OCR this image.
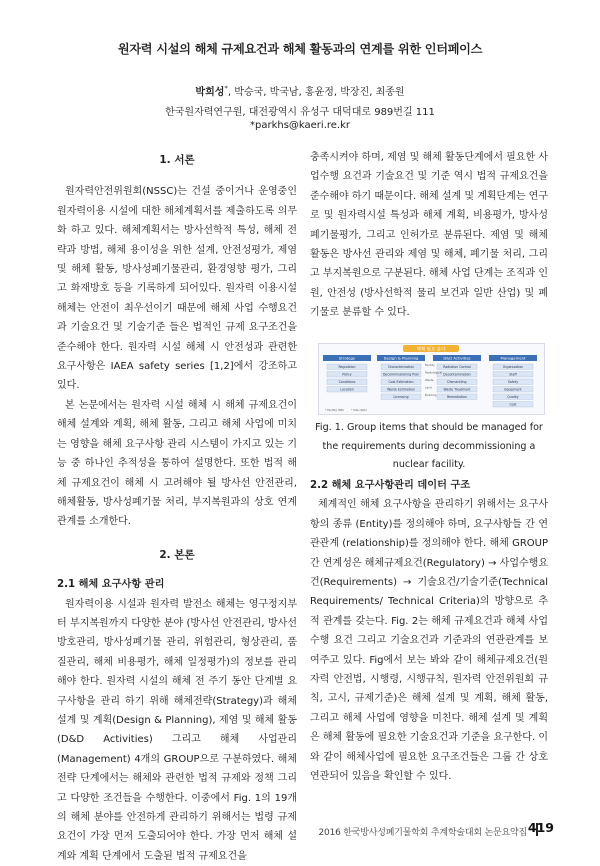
원자력 시설의 해체 규제요건과 해체 활동과의 연계를 위한 인터페이스
박희성*, 박승국, 박국남, 홍윤정, 박장진, 최종원
한국원자력연구원, 대전광역시 유성구 대덕대로 989번길 111
*parkhs@kaeri.re.kr
1. 서론

원자력안전위원회(NSSC)는 건설 중이거나 운영중인 원자력이용 시설에 대한 해체계획서를 제출하도록 의무화 하고 있다. 해체계획서는 방사선학적 특성, 해체 전략과 방법, 해체 용이성을 위한 설계, 안전성평가, 제염 및 해체 활동, 방사성폐기물관리, 환경영향 평가, 그리고 화재방호 등을 기록하게 되어있다. 원자력 이용시설 해체는 안전이 최우선이기 때문에 해체 사업 수행요건과 기술요건 및 기술기준 들은 법적인 규제 요구조건을 준수해야 한다. 원자력 시설 해체 시 안전성과 관련한 요구사항은 IAEA safety series [1,2]에서 강조하고 있다.

본 논문에서는 원자력 시설 해체 시 해체 규제요건이 해체 설계와 계획, 해체 활동, 그리고 해체 사업에 미치는 영향을 해체 요구사항 관리 시스템이 가지고 있는 기능 중 하나인 추적성을 통하여 설명한다. 또한 법적 해체 규제요건이 해체 시 고려해야 될 방사선 안전관리, 해체활동, 방사성폐기물 처리, 부지복원과의 상호 연계 관계를 소개한다.

2. 본론
2.1 해체 요구사항 관리

원자력이용 시설과 원자력 발전소 해체는 영구정지부터 부지복원까지 다양한 분야 (방사선 안전관리, 방사선 방호관리, 방사성폐기물 관리, 위험관리, 형상관리, 품질관리, 해체 비용평가, 해체 일정평가)의 정보를 관리해야 한다. 원자력 시설의 해체 전 주기 동안 단계별 요구사항을 관리 하기 위해 해체전략(Strategy)과 해체 설계 및 계획(Design & Planning), 제염 및 해체 활동(D&D Activities) 그리고 해체 사업관리(Management) 4개의 GROUP으로 구분하였다. 해체 전략 단계에서는 해체와 관련한 법적 규제와 정책 그리고 다양한 조건들을 수행한다. 이중에서 Fig. 1의 19개의 해체 분야를 안전하게 관리하기 위해서는 법령 규제요건이 가장 먼저 도출되어야 한다. 가장 먼저 해체 설계와 계획 단계에서 도출된 법적 규제요건을

충족시켜야 하며, 제염 및 해체 활동단계에서 필요한 사업수행 요건과 기술요건 및 기준 역시 법적 규제요건을 준수해야 하기 때문이다. 해체 설계 및 계획단계는 연구로 및 원자력시설 특성과 해체 계획, 비용평가, 방사성 폐기물평가, 그리고 인허가로 분류된다. 제염 및 해체 활동은 방사선 관리와 제염 및 해체, 폐기물 처리, 그리고 부지복원으로 구분된다. 해체 사업 단계는 조직과 인원, 안전성 (방사선학적 물리 보건과 일반 산업) 및 폐기물로 분류할 수 있다.

해체 필요 분야
Strategy
Regulation
Policy
Conditions
Location
Design & Planning
Characterization
Decommissioning Plan
Cost Estimation
Waste Estimation
Licensing
D&D Activities
Radiation Control
Decontamination
Dismantling
Waste Treatment
Remediation
Management
Organization
Staff
Safety
Equipment
Quality
Cost
Facility
Radiological
Waste
Land
Building
* Facility (RR)	* Site (N/A)
Fig. 1. Group items that should be managed for the requirements during decommissioning a nuclear facility.
2.2 해체 요구사항관리 데이터 구조

체계적인 해체 요구사항을 관리하기 위해서는 요구사항의 종류 (Entity)를 정의해야 하며, 요구사항들 간 연관관계 (relationship)를 정의해야 한다. 해체 GROUP간 연계성은 해체규제요건(Regulatory) → 사업수행요건(Requirements) → 기술요건/기술기준(Technical Requirements/ Technical Criteria)의 방향으로 추적 관계를 갖는다. Fig. 2는 해체 규제요건과 해체 사업수행 요건 그리고 기술요건과 기준과의 연관관계를 보여주고 있다. Fig에서 보는 봐와 같이 해체규제요건(원자력 안전법, 시행령, 시행규칙, 원자력 안전위원회 규칙, 고시, 규제기준)은 해체 설계 및 계획, 해체 활동, 그리고 해체 사업에 영향을 미친다. 해체 설계 및 계획은 해체 활동에 필요한 기술요건과 기준을 요구한다. 이와 같이 해체사업에 필요한 요구조건들은 그룹 간 상호 연관되어 있음을 확인할 수 있다.

2016 한국방사성폐기물학회 추계학술대회 논문요약집 419
